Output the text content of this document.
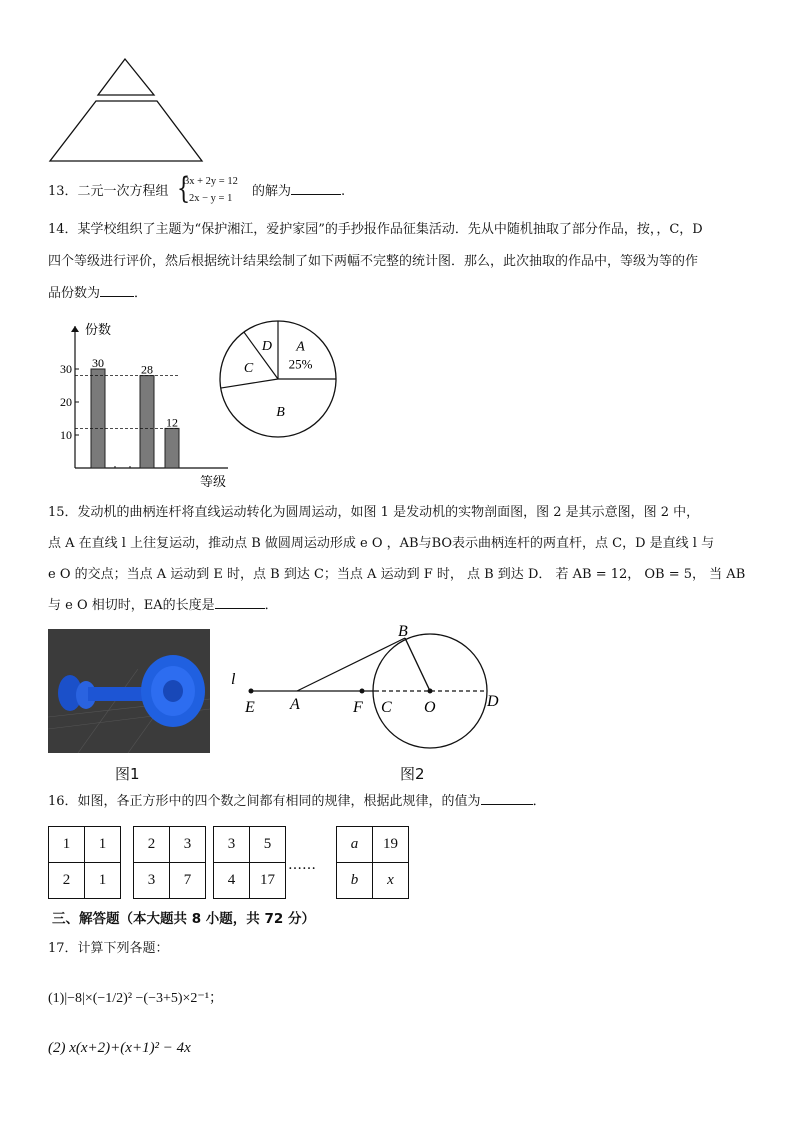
13．二元一次方程组 {
3x + 2y = 12
2x − y = 1	的解为	.
14．某学校组织了主题为“保护湘江，爱护家园”的手抄报作品征集活动．先从中随机抽取了部分作品，按，，C，D
四个等级进行评价，然后根据统计结果绘制了如下两幅不完整的统计图．那么，此次抽取的作品中，等级为等的作
品份数为	．
份数
等级
10
20
30 30	28
12
A
25%
B
C
D
15．发动机的曲柄连杆将直线运动转化为圆周运动，如图 1 是发动机的实物剖面图，图 2 是其示意图，图 2 中，
点 A 在直线 l 上往复运动，推动点 B 做圆周运动形成 e O ，AB与BO表示曲柄连杆的两直杆，点 C，D 是直线 l 与
e O 的交点；当点 A 运动到 E 时，点 B 到达 C；当点 A 运动到 F 时， 点 B 到达 D． 若 AB = 12， OB = 5， 当 AB
与 e O 相切时，EA的长度是	．
图1
l
B
E A	F C O	D
图2
16．如图，各正方形中的四个数之间都有相同的规律，根据此规律，的值为	．
1	1
2	1
2	3
3	7
3	5
4	17
……
a	19
b	x
三、解答题（本大题共 8 小题，共 72 分）
17．计算下列各题：
(1)|−8|×(−1/2)² −(−3+5)×2⁻¹；
(2) x(x+2)+(x+1)² − 4x
